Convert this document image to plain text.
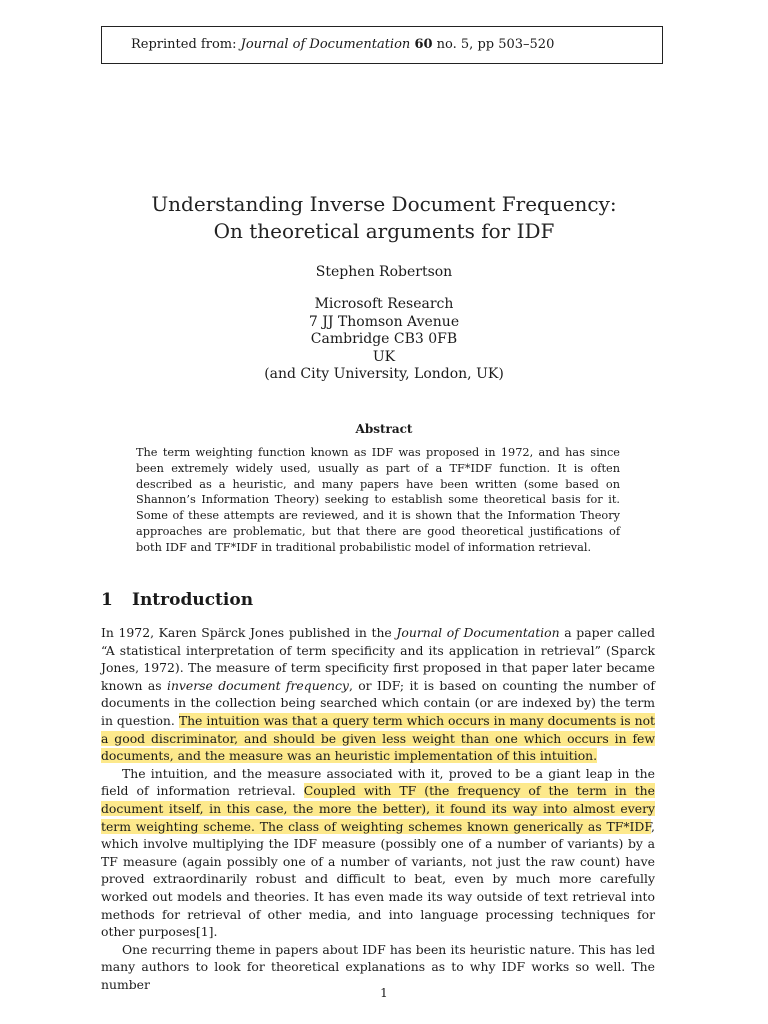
Reprinted from: Journal of Documentation 60 no. 5, pp 503–520
Understanding Inverse Document Frequency:
On theoretical arguments for IDF
Stephen Robertson
Microsoft Research
7 JJ Thomson Avenue
Cambridge CB3 0FB
UK
(and City University, London, UK)
Abstract
The term weighting function known as IDF was proposed in 1972, and has since been extremely widely used, usually as part of a TF*IDF function. It is often described as a heuristic, and many papers have been written (some based on Shannon’s Information Theory) seeking to establish some theoretical basis for it. Some of these attempts are reviewed, and it is shown that the Information Theory approaches are problematic, but that there are good theoretical justifications of both IDF and TF*IDF in traditional probabilistic model of information retrieval.
1 Introduction

In 1972, Karen Spärck Jones published in the Journal of Documentation a paper called “A statistical interpretation of term specificity and its application in retrieval” (Sparck Jones, 1972). The measure of term specificity first proposed in that paper later became known as inverse document frequency, or IDF; it is based on counting the number of documents in the collection being searched which contain (or are indexed by) the term in question. The intuition was that a query term which occurs in many documents is not a good discriminator, and should be given less weight than one which occurs in few documents, and the measure was an heuristic implementation of this intuition.

The intuition, and the measure associated with it, proved to be a giant leap in the field of information retrieval. Coupled with TF (the frequency of the term in the document itself, in this case, the more the better), it found its way into almost every term weighting scheme. The class of weighting schemes known generically as TF*IDF, which involve multiplying the IDF measure (possibly one of a number of variants) by a TF measure (again possibly one of a number of variants, not just the raw count) have proved extraordinarily robust and difficult to beat, even by much more carefully worked out models and theories. It has even made its way outside of text retrieval into methods for retrieval of other media, and into language processing techniques for other purposes[1].

One recurring theme in papers about IDF has been its heuristic nature. This has led many authors to look for theoretical explanations as to why IDF works so well. The number

1
